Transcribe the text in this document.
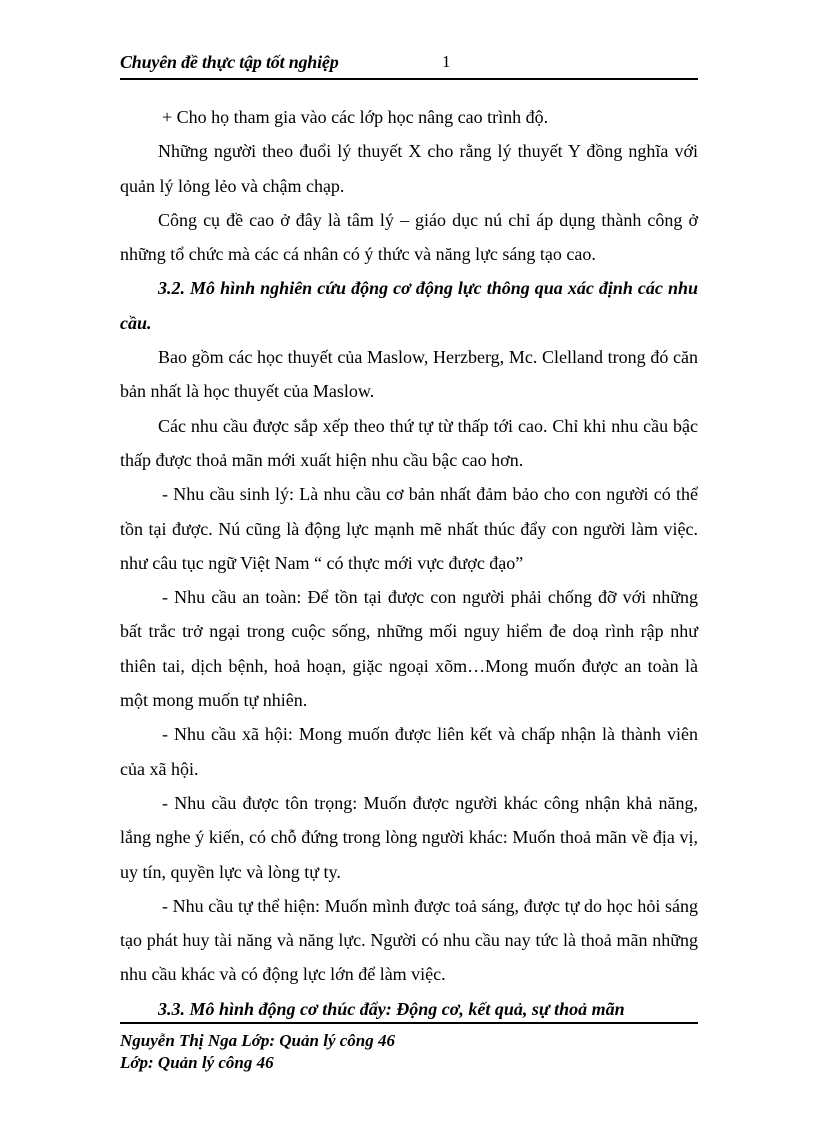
Chuyên đề thực tập tốt nghiệp	1

+ Cho họ tham gia vào các lớp học nâng cao trình độ.

Những người theo đuổi lý thuyết X cho rằng lý thuyết Y đồng nghĩa với quản lý lỏng lẻo và chậm chạp.

Công cụ đề cao ở đây là tâm lý – giáo dục nú chỉ áp dụng thành công ở những tổ chức mà các cá nhân có ý thức và năng lực sáng tạo cao.

3.2. Mô hình nghiên cứu động cơ động lực thông qua xác định các nhu cầu.

Bao gồm các học thuyết của Maslow, Herzberg, Mc. Clelland trong đó căn bản nhất là học thuyết của Maslow.

Các nhu cầu được sắp xếp theo thứ tự từ thấp tới cao. Chỉ khi nhu cầu bậc thấp được thoả mãn mới xuất hiện nhu cầu bậc cao hơn.

- Nhu cầu sinh lý: Là nhu cầu cơ bản nhất đảm bảo cho con người có thể tồn tại được. Nú cũng là động lực mạnh mẽ nhất thúc đẩy con người làm việc. như câu tục ngữ Việt Nam “ có thực mới vực được đạo”

- Nhu cầu an toàn: Để tồn tại được con người phải chống đỡ với những bất trắc trở ngại trong cuộc sống, những mối nguy hiểm đe doạ rình rập như thiên tai, dịch bệnh, hoả hoạn, giặc ngoại xõm…Mong muốn được an toàn là một mong muốn tự nhiên.

- Nhu cầu xã hội: Mong muốn được liên kết và chấp nhận là thành viên của xã hội.

- Nhu cầu được tôn trọng: Muốn được người khác công nhận khả năng, lắng nghe ý kiến, có chỗ đứng trong lòng người khác: Muốn thoả mãn về địa vị, uy tín, quyền lực và lòng tự ty.

- Nhu cầu tự thể hiện: Muốn mình được toả sáng, được tự do học hỏi sáng tạo phát huy tài năng và năng lực. Người có nhu cầu nay tức là thoả mãn những nhu cầu khác và có động lực lớn để làm việc.

3.3. Mô hình động cơ thúc đẩy: Động cơ, kết quả, sự thoả mãn

Nguyễn Thị Nga Lớp: Quản lý công 46
Lớp: Quản lý công 46
